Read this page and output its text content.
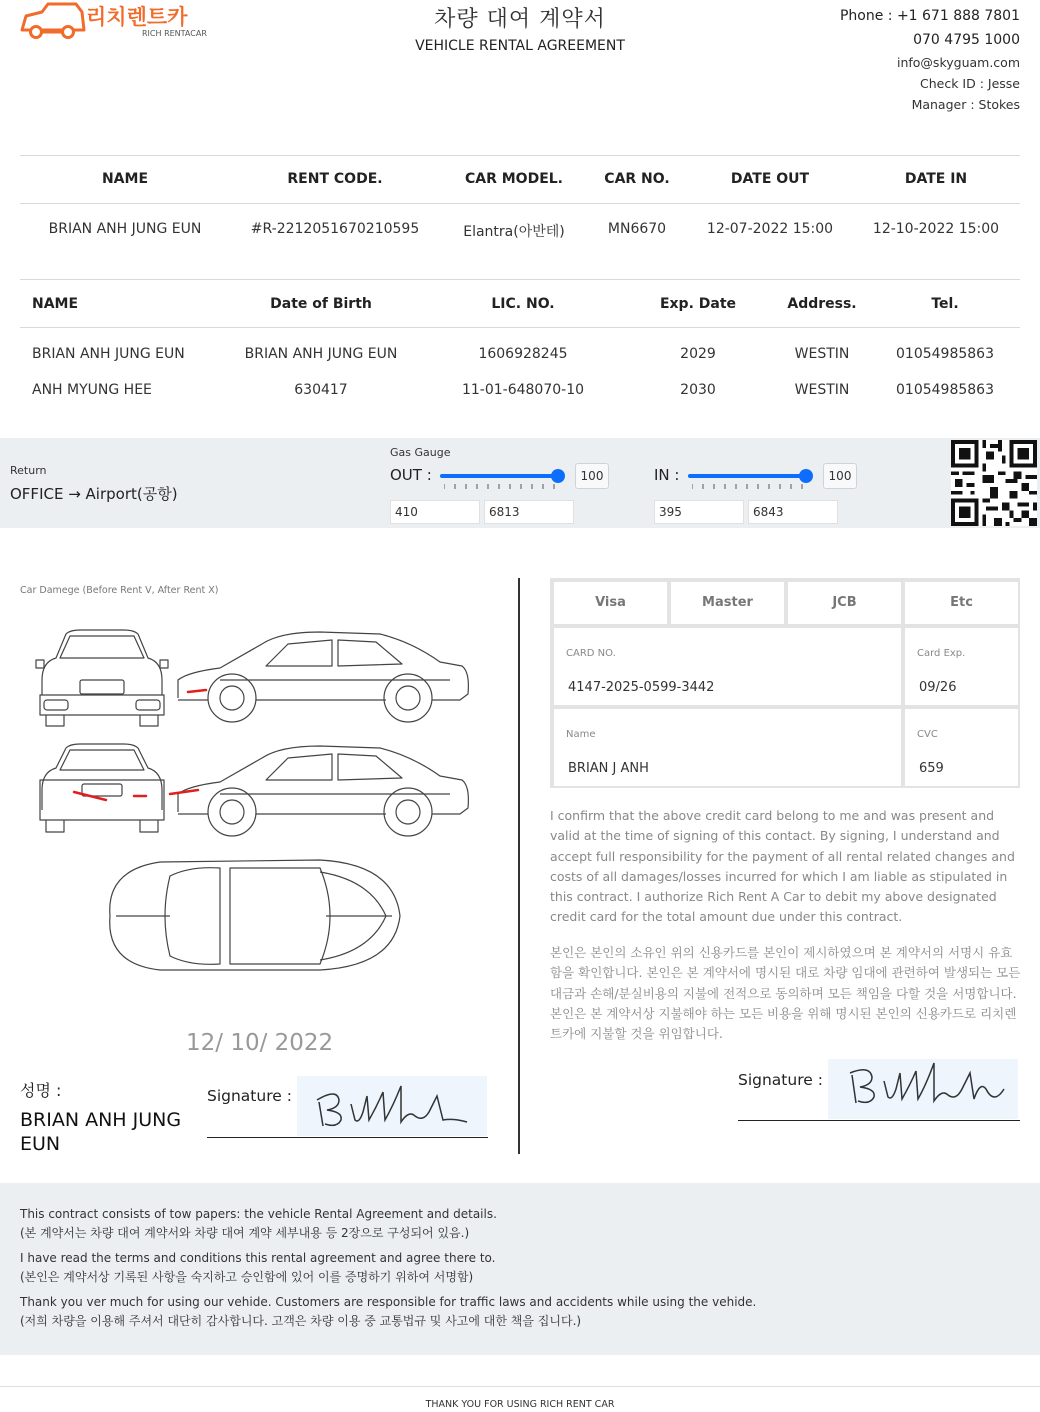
리치렌트카
RICH RENTACAR
차량 대여 계약서
VEHICLE RENTAL AGREEMENT
Phone : +1 671 888 7801
070 4795 1000
info@skyguam.com
Check ID : Jesse
Manager : Stokes
NAME	RENT CODE.	CAR MODEL.	CAR NO.	DATE OUT	DATE IN
BRIAN ANH JUNG EUN	#R-2212051670210595	Elantra(아반테)	MN6670	12-07-2022 15:00	12-10-2022 15:00
NAME	Date of Birth	LIC. NO.	Exp. Date	Address.	Tel.
BRIAN ANH JUNG EUN	BRIAN ANH JUNG EUN	1606928245	2029	WESTIN	01054985863
ANH MYUNG HEE	630417	11-01-648070-10	2030	WESTIN	01054985863
Return
OFFICE → Airport(공항)
Gas Gauge
OUT :	100	IN :	100
410	6813	395	6843
Car Damege (Before Rent V, After Rent X)
12/ 10/ 2022
성명 :
BRIAN ANH JUNG EUN
Signature :
Visa	Master	JCB	Etc
CARD NO.
4147-2025-0599-3442
Card Exp.
09/26
Name
BRIAN J ANH
CVC
659
I confirm that the above credit card belong to me and was present and valid at the time of signing of this contact. By signing, I understand and accept full responsibility for the payment of all rental related changes and costs of all damages/losses incurred for which I am liable as stipulated in this contract. I authorize Rich Rent A Car to debit my above designated credit card for the total amount due under this contract.
본인은 본인의 소유인 위의 신용카드를 본인이 제시하였으며 본 계약서의 서명시 유효함을 확인합니다. 본인은 본 계약서에 명시된 대로 차량 임대에 관련하여 발생되는 모든 대금과 손해/분실비용의 지불에 전적으로 동의하며 모든 책임을 다할 것을 서명합니다. 본인은 본 계약서상 지불해야 하는 모든 비용을 위해 명시된 본인의 신용카드로 리치렌트카에 지불할 것을 위임합니다.
Signature :
This contract consists of tow papers: the vehicle Rental Agreement and details.
(본 계약서는 차량 대여 계약서와 차량 대여 계약 세부내용 등 2장으로 구성되어 있음.)
I have read the terms and conditions this rental agreement and agree there to.
(본인은 계약서상 기록된 사항을 숙지하고 승인함에 있어 이를 증명하기 위하여 서명함)
Thank you ver much for using our vehide. Customers are responsible for traffic laws and accidents while using the vehide.
(저희 차량을 이용해 주셔서 대단히 감사합니다. 고객은 차량 이용 중 교통법규 및 사고에 대한 책을 집니다.)
THANK YOU FOR USING RICH RENT CAR
